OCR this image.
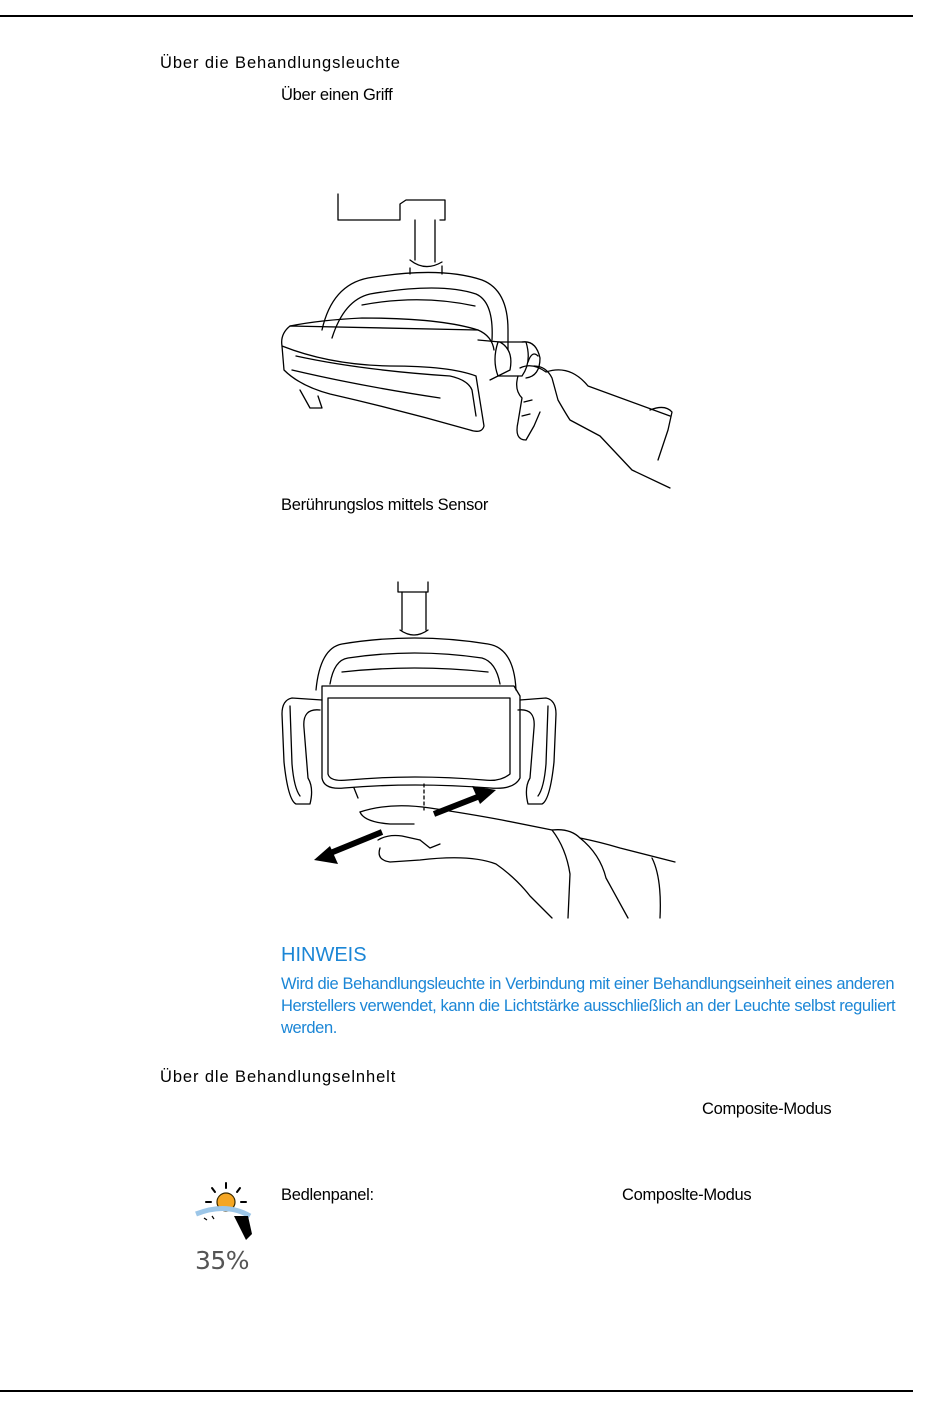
Über die Behandlungsleuchte

Über einen Griff

Berührungslos mittels Sensor

HINWEIS

Wird die Behandlungsleuchte in Verbindung mit einer Behandlungseinheit eines anderen Herstellers verwendet, kann die Lichtstärke ausschließlich an der Leuchte selbst reguliert werden.

Über dle Behandlungselnhelt

Composite-Modus

35%

Bedlenpanel:	Composlte-Modus
